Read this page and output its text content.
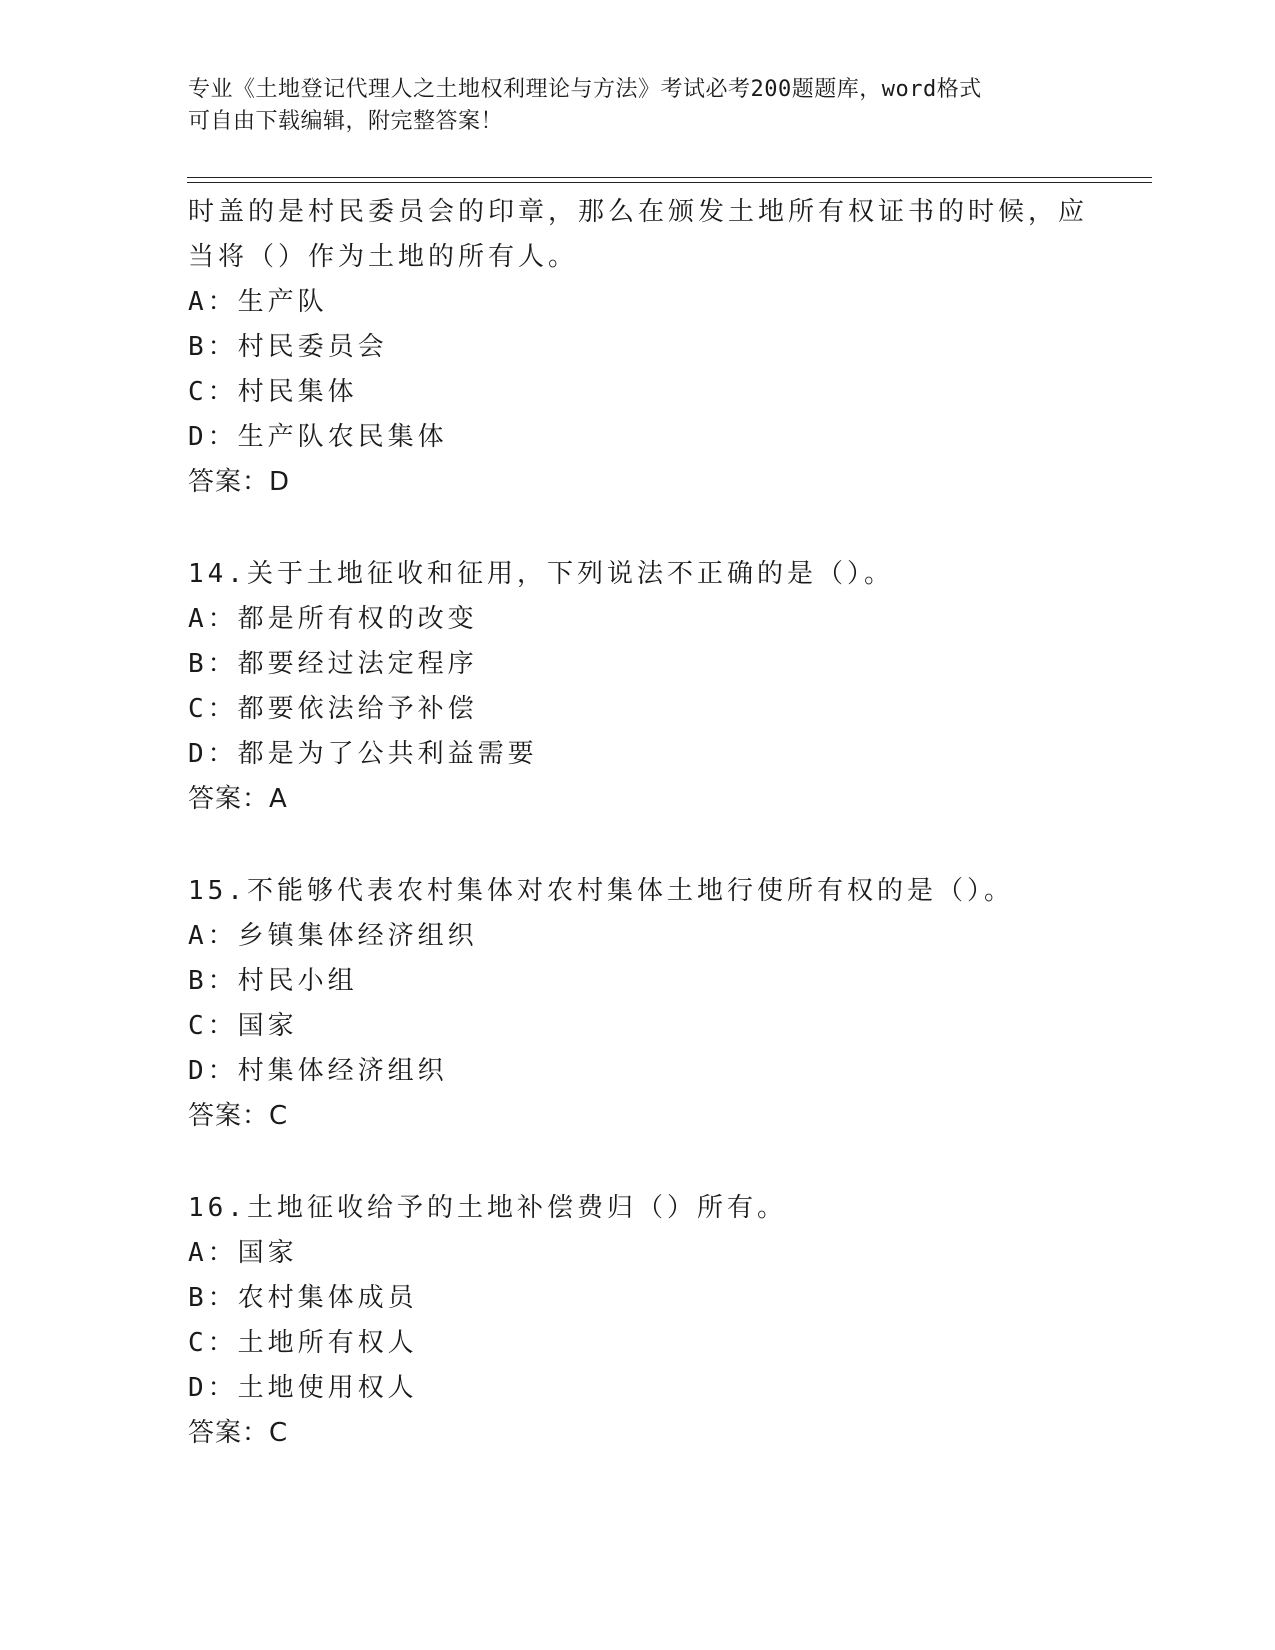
专业《土地登记代理人之土地权利理论与方法》考试必考200题题库，word格式
可自由下载编辑，附完整答案！
时盖的是村民委员会的印章，那么在颁发土地所有权证书的时候，应
当将（）作为土地的所有人。
A：生产队
B：村民委员会
C：村民集体
D：生产队农民集体
答案：D
14.关于土地征收和征用，下列说法不正确的是（）。
A：都是所有权的改变
B：都要经过法定程序
C：都要依法给予补偿
D：都是为了公共利益需要
答案：A
15.不能够代表农村集体对农村集体土地行使所有权的是（）。
A：乡镇集体经济组织
B：村民小组
C：国家
D：村集体经济组织
答案：C
16.土地征收给予的土地补偿费归（）所有。
A：国家
B：农村集体成员
C：土地所有权人
D：土地使用权人
答案：C
